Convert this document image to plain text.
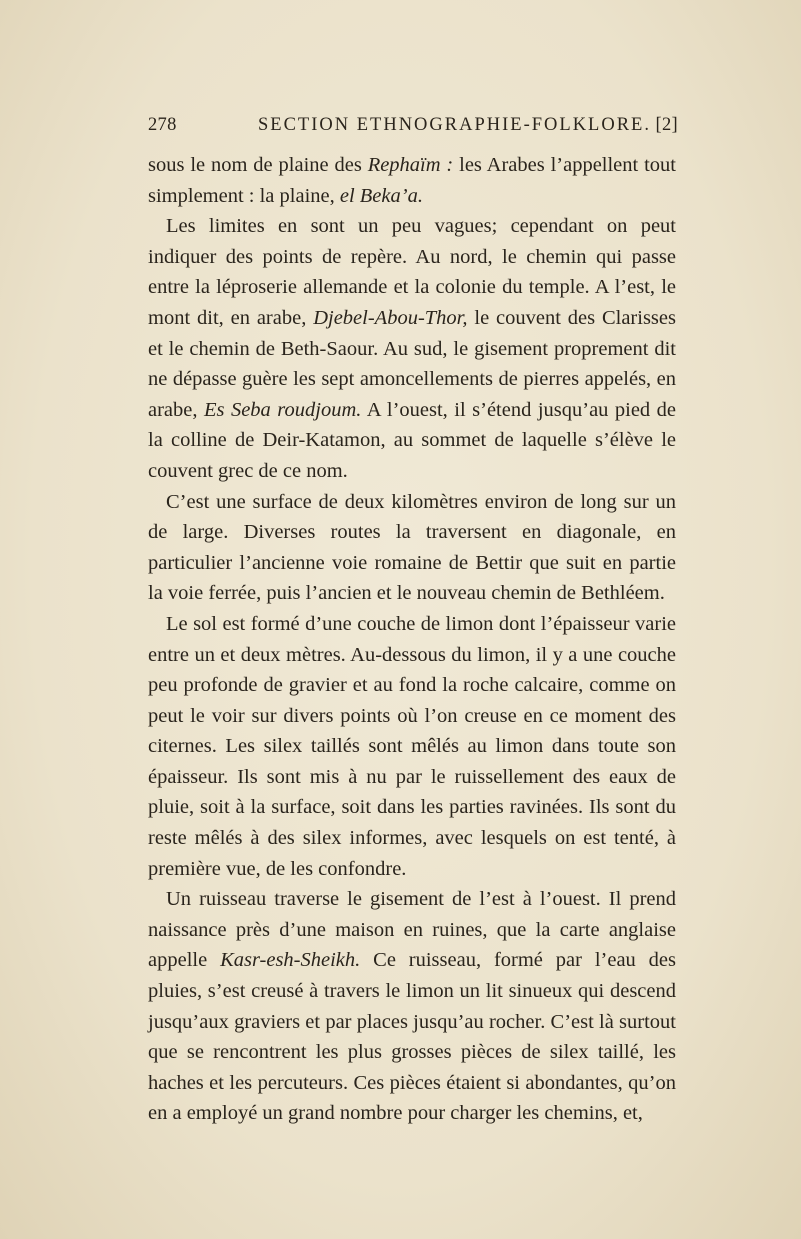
278	SECTION ETHNOGRAPHIE-FOLKLORE. [2]

sous le nom de plaine des Rephaïm : les Arabes l’appellent tout simplement : la plaine, el Beka’a.

Les limites en sont un peu vagues; cependant on peut indiquer des points de repère. Au nord, le chemin qui passe entre la léproserie allemande et la colonie du temple. A l’est, le mont dit, en arabe, Djebel-Abou-Thor, le couvent des Clarisses et le chemin de Beth-Saour. Au sud, le gisement proprement dit ne dépasse guère les sept amoncellements de pierres appelés, en arabe, Es Seba roudjoum. A l’ouest, il s’étend jusqu’au pied de la colline de Deir-Katamon, au sommet de laquelle s’élève le couvent grec de ce nom.

C’est une surface de deux kilomètres environ de long sur un de large. Diverses routes la traversent en diagonale, en particulier l’ancienne voie romaine de Bettir que suit en partie la voie ferrée, puis l’ancien et le nouveau chemin de Bethléem.

Le sol est formé d’une couche de limon dont l’épaisseur varie entre un et deux mètres. Au-dessous du limon, il y a une couche peu profonde de gravier et au fond la roche calcaire, comme on peut le voir sur divers points où l’on creuse en ce moment des citernes. Les silex taillés sont mêlés au limon dans toute son épaisseur. Ils sont mis à nu par le ruissellement des eaux de pluie, soit à la surface, soit dans les parties ravinées. Ils sont du reste mêlés à des silex informes, avec lesquels on est tenté, à première vue, de les confondre.

Un ruisseau traverse le gisement de l’est à l’ouest. Il prend naissance près d’une maison en ruines, que la carte anglaise appelle Kasr-esh-Sheikh. Ce ruisseau, formé par l’eau des pluies, s’est creusé à travers le limon un lit sinueux qui descend jusqu’aux graviers et par places jusqu’au rocher. C’est là surtout que se rencontrent les plus grosses pièces de silex taillé, les haches et les percuteurs. Ces pièces étaient si abondantes, qu’on en a employé un grand nombre pour charger les chemins, et,
